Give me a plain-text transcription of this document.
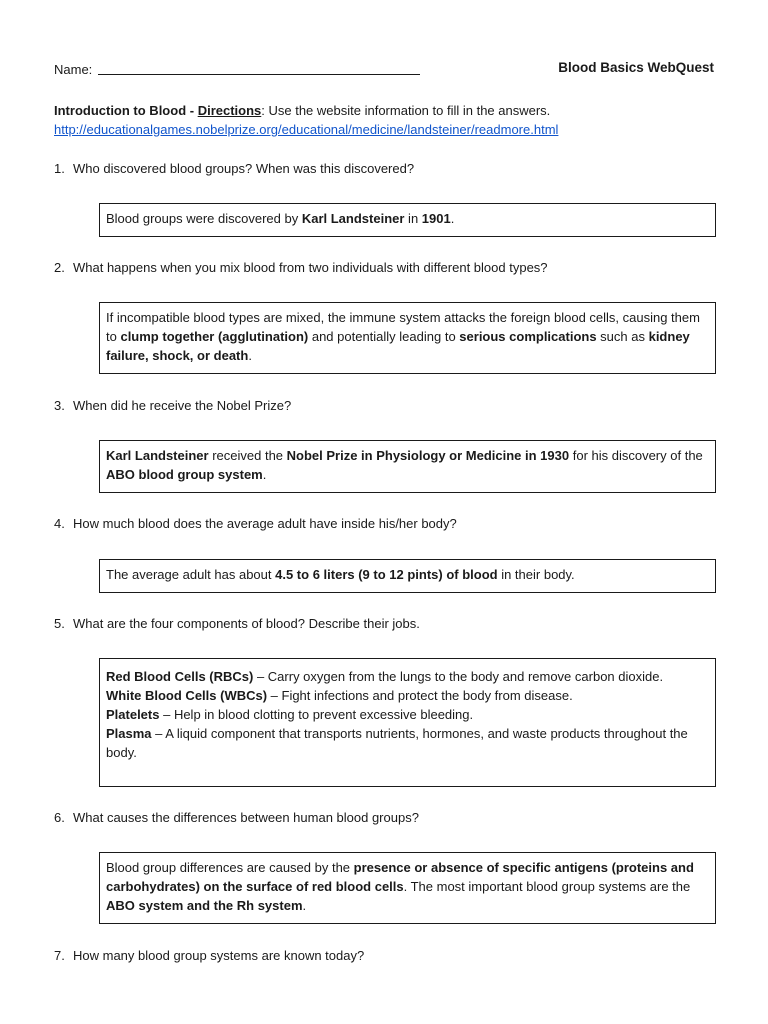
Name:	Blood Basics WebQuest
Introduction to Blood - Directions: Use the website information to fill in the answers.
http://educationalgames.nobelprize.org/educational/medicine/landsteiner/readmore.html
1. Who discovered blood groups? When was this discovered?
Blood groups were discovered by Karl Landsteiner in 1901.
2. What happens when you mix blood from two individuals with different blood types?
If incompatible blood types are mixed, the immune system attacks the foreign blood cells, causing them to clump together (agglutination) and potentially leading to serious complications such as kidney failure, shock, or death.
3. When did he receive the Nobel Prize?
Karl Landsteiner received the Nobel Prize in Physiology or Medicine in 1930 for his discovery of the ABO blood group system.
4. How much blood does the average adult have inside his/her body?
The average adult has about 4.5 to 6 liters (9 to 12 pints) of blood in their body.
5. What are the four components of blood? Describe their jobs.
Red Blood Cells (RBCs) – Carry oxygen from the lungs to the body and remove carbon dioxide.
White Blood Cells (WBCs) – Fight infections and protect the body from disease.
Platelets – Help in blood clotting to prevent excessive bleeding.
Plasma – A liquid component that transports nutrients, hormones, and waste products throughout the body.
6. What causes the differences between human blood groups?
Blood group differences are caused by the presence or absence of specific antigens (proteins and carbohydrates) on the surface of red blood cells. The most important blood group systems are the ABO system and the Rh system.
7. How many blood group systems are known today?
